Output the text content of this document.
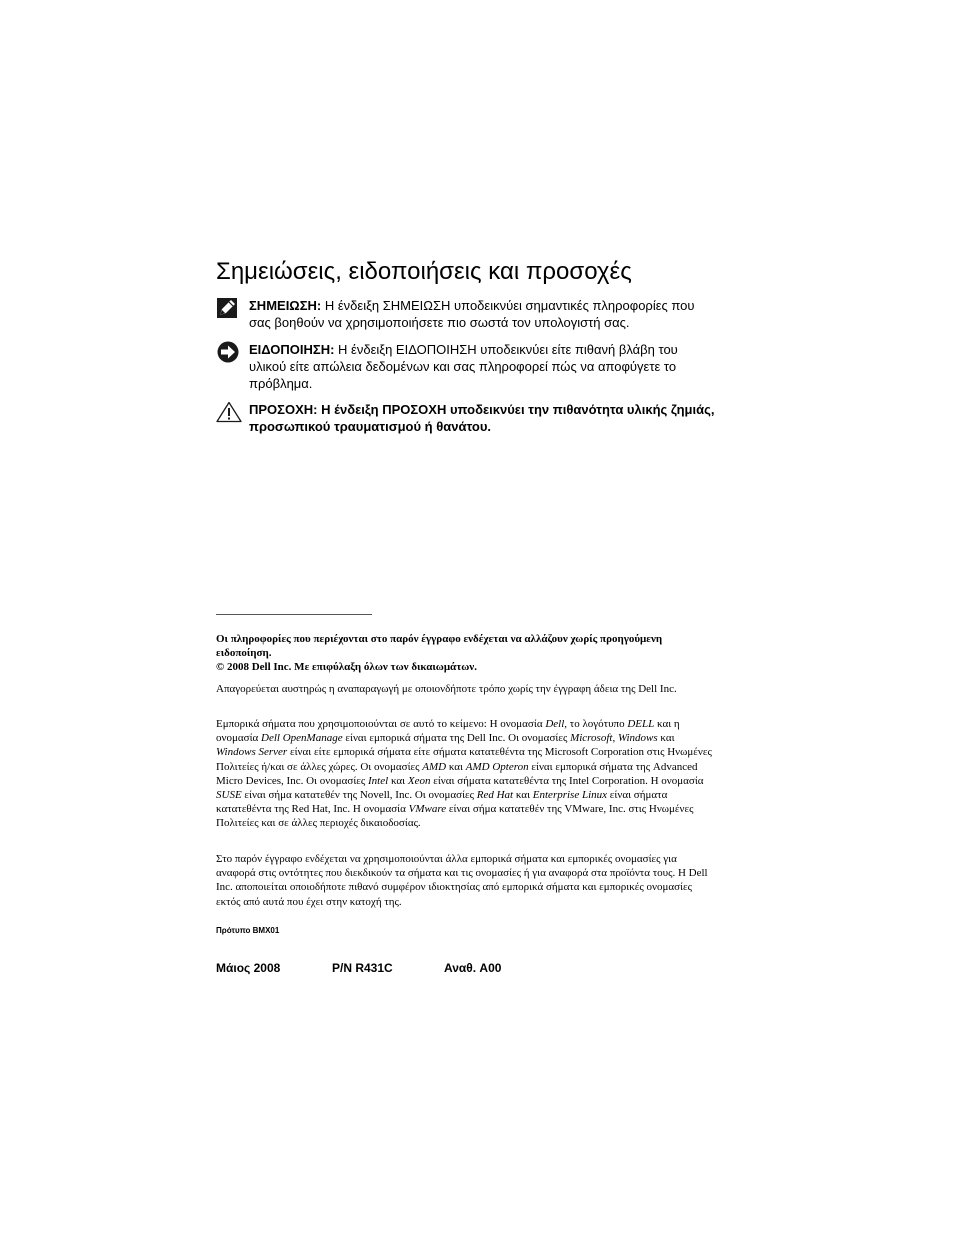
Σημειώσεις, ειδοποιήσεις και προσοχές
ΣΗΜΕΙΩΣΗ: Η ένδειξη ΣΗΜΕΙΩΣΗ υποδεικνύει σημαντικές πληροφορίες που σας βοηθούν να χρησιμοποιήσετε πιο σωστά τον υπολογιστή σας.
ΕΙΔΟΠΟΙΗΣΗ: Η ένδειξη ΕΙΔΟΠΟΙΗΣΗ υποδεικνύει είτε πιθανή βλάβη του υλικού είτε απώλεια δεδομένων και σας πληροφορεί πώς να αποφύγετε το πρόβλημα.
ΠΡΟΣΟΧΗ: Η ένδειξη ΠΡΟΣΟΧΗ υποδεικνύει την πιθανότητα υλικής ζημιάς, προσωπικού τραυματισμού ή θανάτου.

Οι πληροφορίες που περιέχονται στο παρόν έγγραφο ενδέχεται να αλλάζουν χωρίς προηγούμενη ειδοποίηση.
© 2008 Dell Inc. Με επιφύλαξη όλων των δικαιωμάτων.

Απαγορεύεται αυστηρώς η αναπαραγωγή με οποιονδήποτε τρόπο χωρίς την έγγραφη άδεια της Dell Inc.

Εμπορικά σήματα που χρησιμοποιούνται σε αυτό το κείμενο: Η ονομασία Dell, το λογότυπο DELL και η ονομασία Dell OpenManage είναι εμπορικά σήματα της Dell Inc. Οι ονομασίες Microsoft, Windows και Windows Server είναι είτε εμπορικά σήματα είτε σήματα κατατεθέντα της Microsoft Corporation στις Ηνωμένες Πολιτείες ή/και σε άλλες χώρες. Οι ονομασίες AMD και AMD Opteron είναι εμπορικά σήματα της Advanced Micro Devices, Inc. Οι ονομασίες Intel και Xeon είναι σήματα κατατεθέντα της Intel Corporation. Η ονομασία SUSE είναι σήμα κατατεθέν της Novell, Inc. Οι ονομασίες Red Hat και Enterprise Linux είναι σήματα κατατεθέντα της Red Hat, Inc. Η ονομασία VMware είναι σήμα κατατεθέν της VMware, Inc. στις Ηνωμένες Πολιτείες και σε άλλες περιοχές δικαιοδοσίας.

Στο παρόν έγγραφο ενδέχεται να χρησιμοποιούνται άλλα εμπορικά σήματα και εμπορικές ονομασίες για αναφορά στις οντότητες που διεκδικούν τα σήματα και τις ονομασίες ή για αναφορά στα προϊόντα τους. Η Dell Inc. αποποιείται οποιοδήποτε πιθανό συμφέρον ιδιοκτησίας από εμπορικά σήματα και εμπορικές ονομασίες εκτός από αυτά που έχει στην κατοχή της.

Πρότυπο BMX01
Μάιος 2008	P/N R431C	Αναθ. A00
